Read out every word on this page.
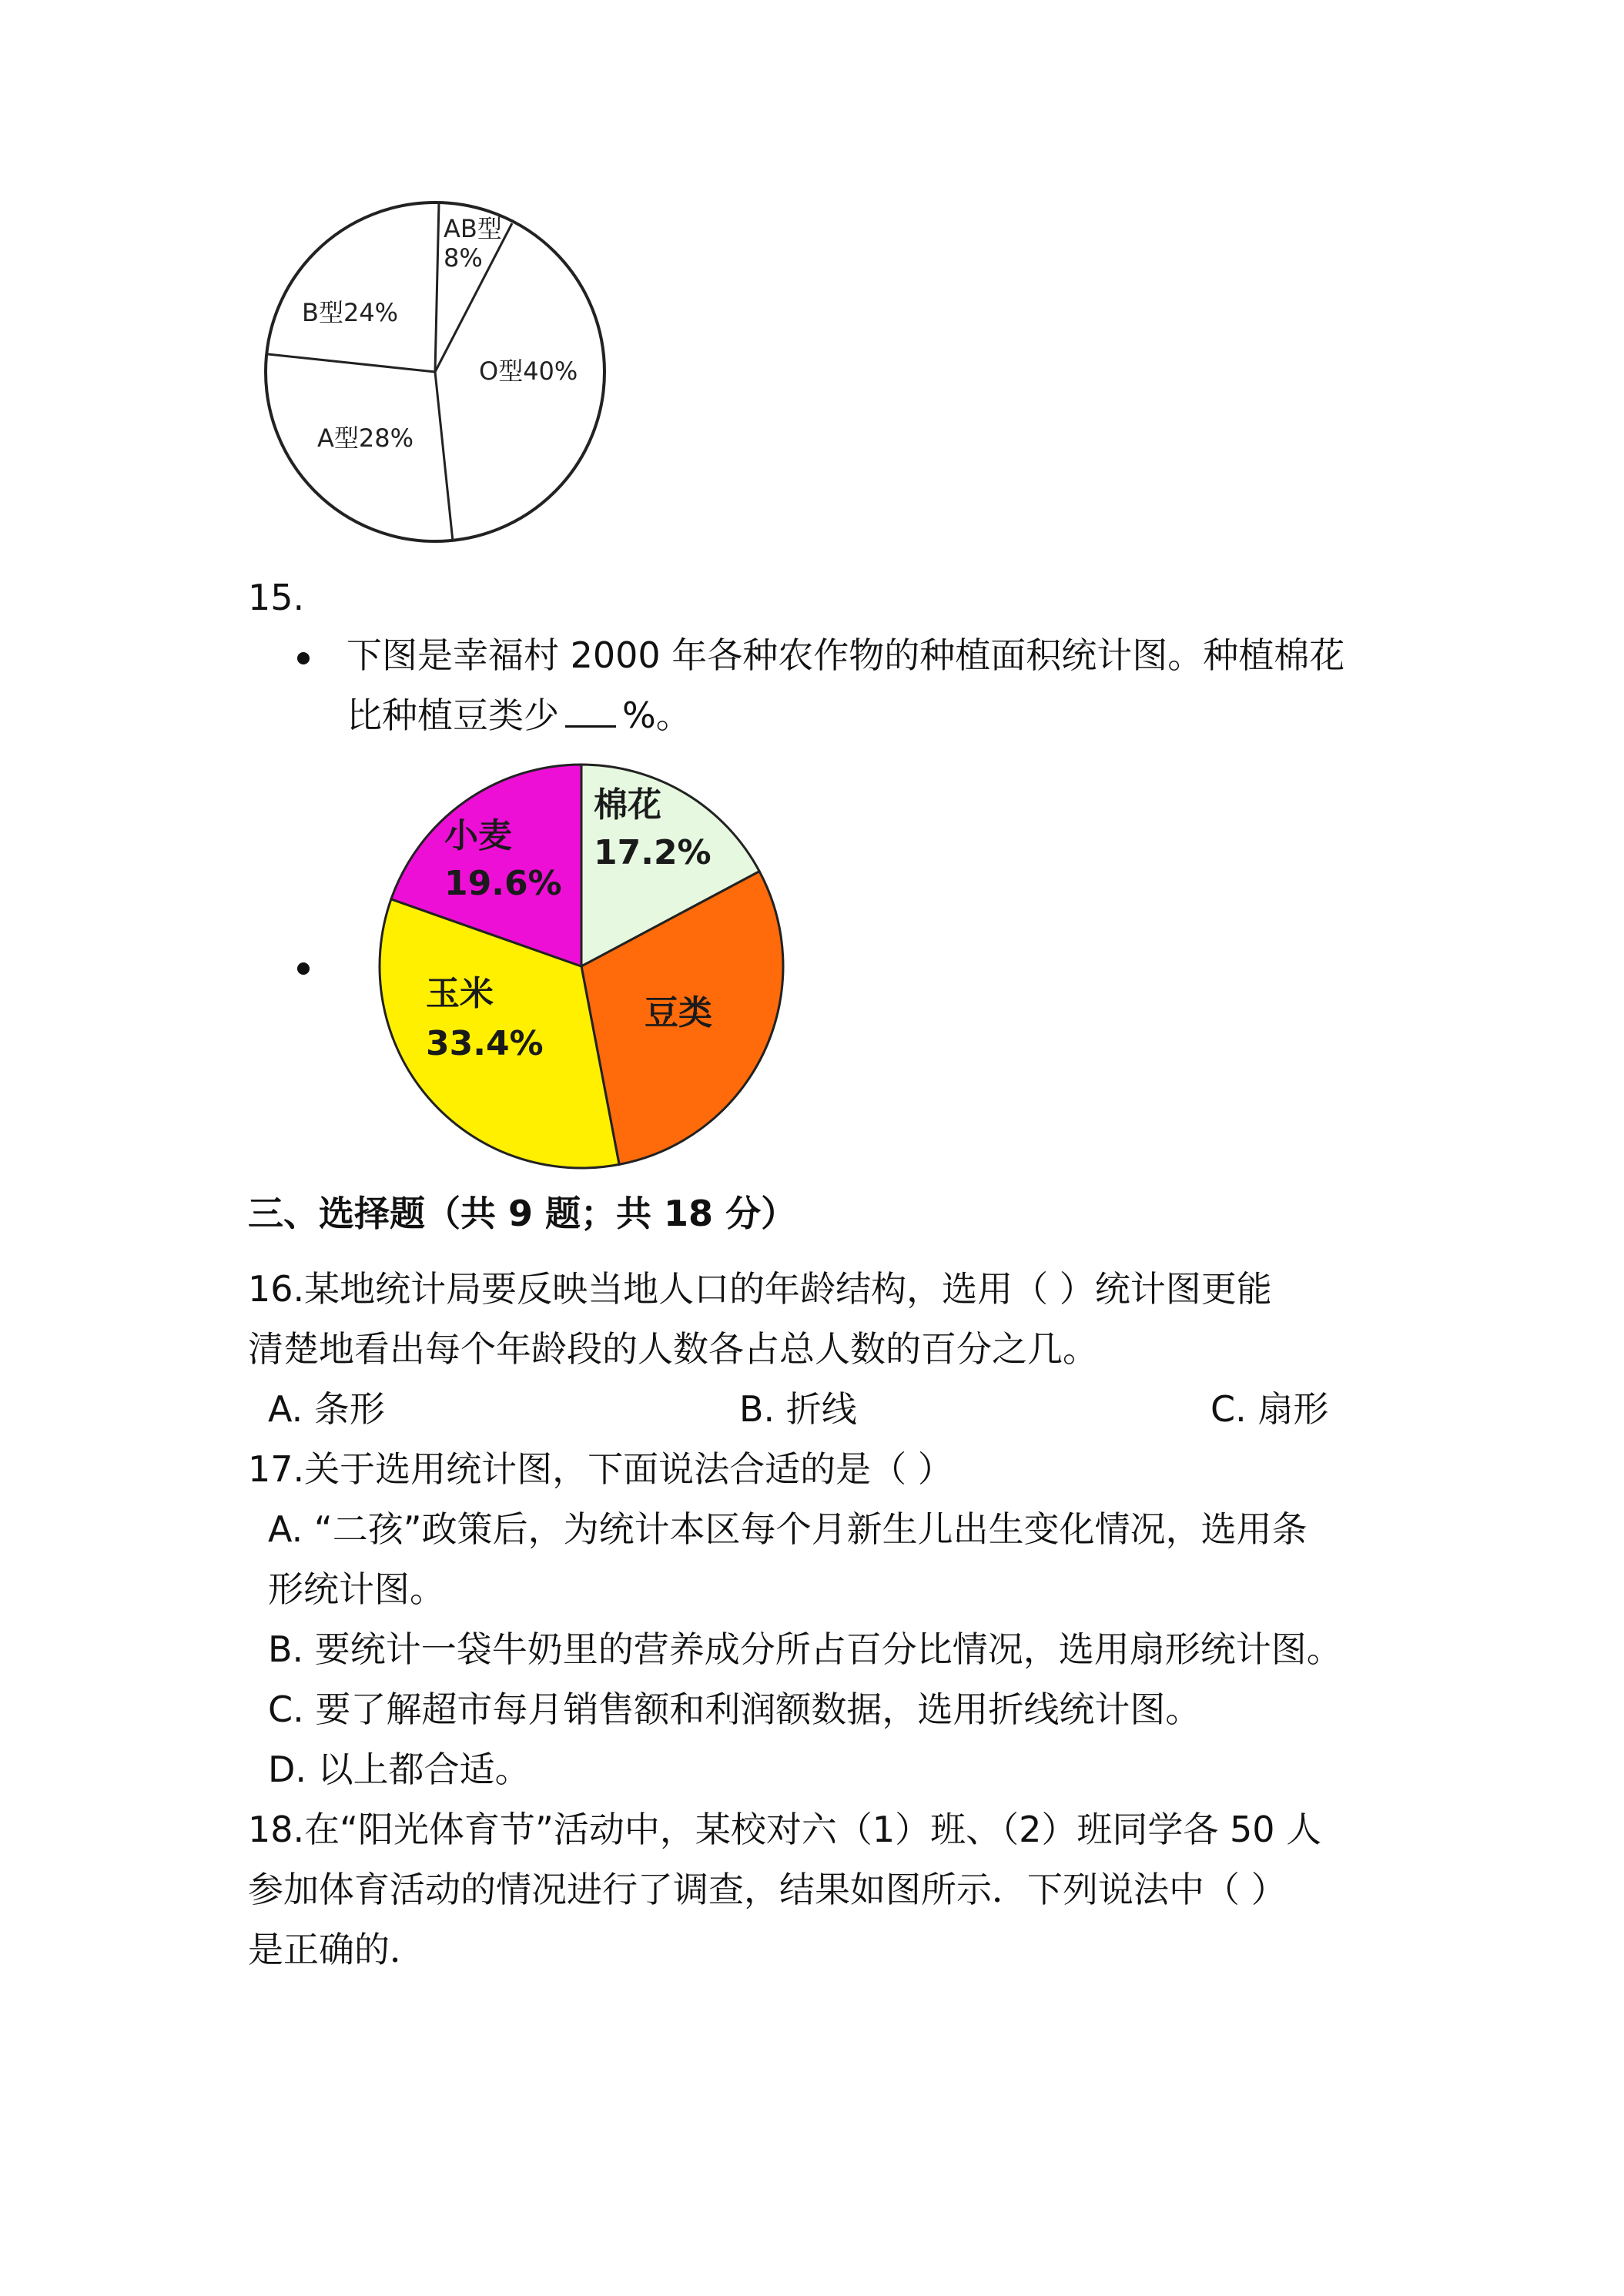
AB型
8%
B型24%
O型40%
A型28%
15.
下图是幸福村 2000 年各种农作物的种植面积统计图。种植棉花
比种植豆类少 %。
棉花
17.2%
小麦
19.6%
玉米
33.4%
豆类
三、选择题（共 9 题；共 18 分）
16.某地统计局要反映当地人口的年龄结构，选用（ ）统计图更能
清楚地看出每个年龄段的人数各占总人数的百分之几。
A. 条形	B. 折线	C. 扇形
17.关于选用统计图，下面说法合适的是（ ）
A. “二孩”政策后，为统计本区每个月新生儿出生变化情况，选用条
形统计图。
B. 要统计一袋牛奶里的营养成分所占百分比情况，选用扇形统计图。
C. 要了解超市每月销售额和利润额数据，选用折线统计图。
D. 以上都合适。
18.在“阳光体育节”活动中，某校对六（1）班、（2）班同学各 50 人
参加体育活动的情况进行了调查，结果如图所示．下列说法中（ ）
是正确的．
